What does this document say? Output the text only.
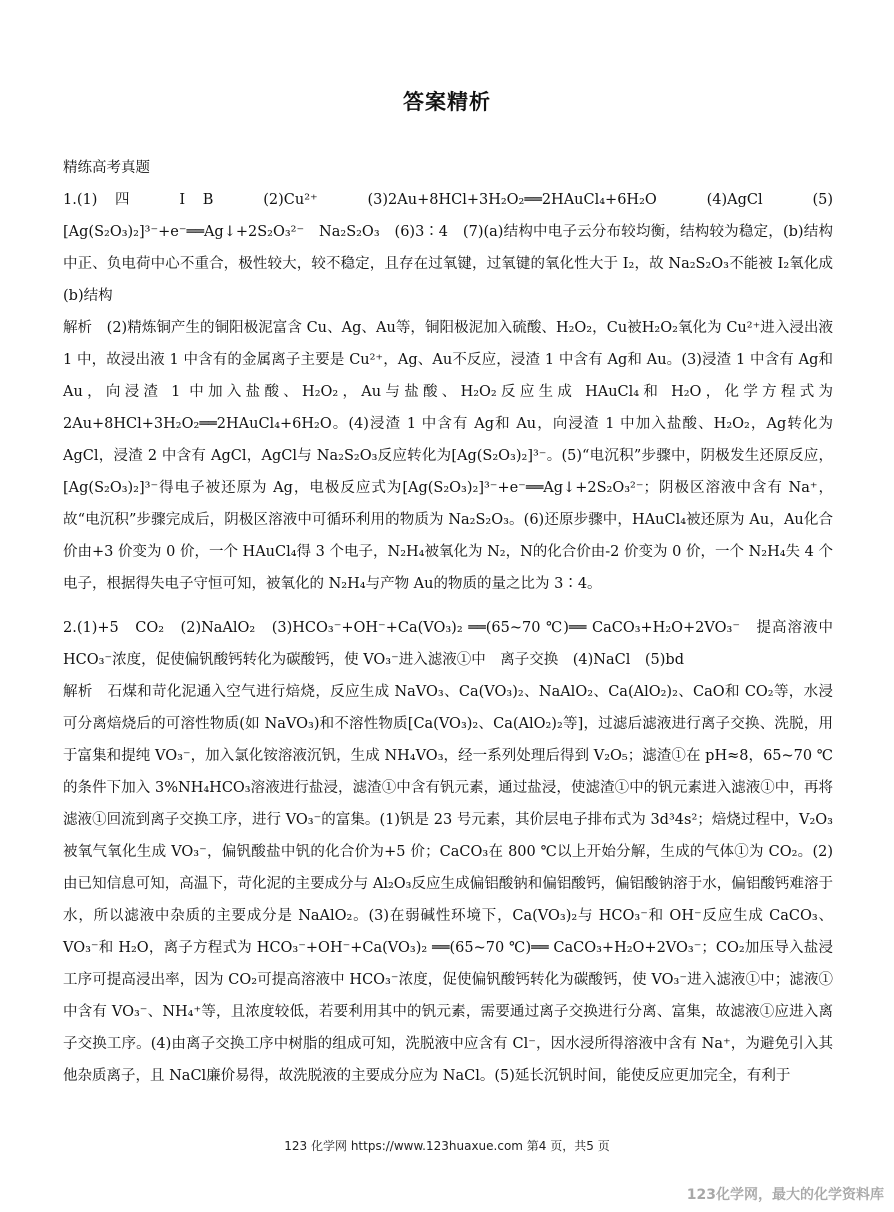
答案精析
精练高考真题

1.(1)四　ⅠB　(2)Cu²⁺　(3)2Au+8HCl+3H₂O₂══2HAuCl₄+6H₂O　(4)AgCl　(5)[Ag(S₂O₃)₂]³⁻+e⁻══Ag↓+2S₂O₃²⁻　Na₂S₂O₃　(6)3∶4　(7)(a)结构中电子云分布较均衡，结构较为稳定，(b)结构中正、负电荷中心不重合，极性较大，较不稳定，且存在过氧键，过氧键的氧化性大于 I₂，故 Na₂S₂O₃不能被 I₂氧化成(b)结构

解析　(2)精炼铜产生的铜阳极泥富含 Cu、Ag、Au等，铜阳极泥加入硫酸、H₂O₂，Cu被H₂O₂氧化为 Cu²⁺进入浸出液 1 中，故浸出液 1 中含有的金属离子主要是 Cu²⁺，Ag、Au不反应，浸渣 1 中含有 Ag和 Au。(3)浸渣 1 中含有 Ag和 Au，向浸渣 1 中加入盐酸、H₂O₂，Au与盐酸、H₂O₂反应生成 HAuCl₄和 H₂O，化学方程式为 2Au+8HCl+3H₂O₂══2HAuCl₄+6H₂O。(4)浸渣 1 中含有 Ag和 Au，向浸渣 1 中加入盐酸、H₂O₂，Ag转化为 AgCl，浸渣 2 中含有 AgCl，AgCl与 Na₂S₂O₃反应转化为[Ag(S₂O₃)₂]³⁻。(5)“电沉积”步骤中，阴极发生还原反应，[Ag(S₂O₃)₂]³⁻得电子被还原为 Ag，电极反应式为[Ag(S₂O₃)₂]³⁻+e⁻══Ag↓+2S₂O₃²⁻；阴极区溶液中含有 Na⁺，故“电沉积”步骤完成后，阴极区溶液中可循环利用的物质为 Na₂S₂O₃。(6)还原步骤中，HAuCl₄被还原为 Au，Au化合价由+3 价变为 0 价，一个 HAuCl₄得 3 个电子，N₂H₄被氧化为 N₂，N的化合价由-2 价变为 0 价，一个 N₂H₄失 4 个电子，根据得失电子守恒可知，被氧化的 N₂H₄与产物 Au的物质的量之比为 3∶4。

2.(1)+5　CO₂　(2)NaAlO₂　(3)HCO₃⁻+OH⁻+Ca(VO₃)₂ ══(65~70 ℃)══ CaCO₃+H₂O+2VO₃⁻　提高溶液中 HCO₃⁻浓度，促使偏钒酸钙转化为碳酸钙，使 VO₃⁻进入滤液①中　离子交换　(4)NaCl　(5)bd

解析　石煤和苛化泥通入空气进行焙烧，反应生成 NaVO₃、Ca(VO₃)₂、NaAlO₂、Ca(AlO₂)₂、CaO和 CO₂等，水浸可分离焙烧后的可溶性物质(如 NaVO₃)和不溶性物质[Ca(VO₃)₂、Ca(AlO₂)₂等]，过滤后滤液进行离子交换、洗脱，用于富集和提纯 VO₃⁻，加入氯化铵溶液沉钒，生成 NH₄VO₃，经一系列处理后得到 V₂O₅；滤渣①在 pH≈8，65~70 ℃的条件下加入 3%NH₄HCO₃溶液进行盐浸，滤渣①中含有钒元素，通过盐浸，使滤渣①中的钒元素进入滤液①中，再将滤液①回流到离子交换工序，进行 VO₃⁻的富集。(1)钒是 23 号元素，其价层电子排布式为 3d³4s²；焙烧过程中，V₂O₃被氧气氧化生成 VO₃⁻，偏钒酸盐中钒的化合价为+5 价；CaCO₃在 800 ℃以上开始分解，生成的气体①为 CO₂。(2)由已知信息可知，高温下，苛化泥的主要成分与 Al₂O₃反应生成偏铝酸钠和偏铝酸钙，偏铝酸钠溶于水，偏铝酸钙难溶于水，所以滤液中杂质的主要成分是 NaAlO₂。(3)在弱碱性环境下，Ca(VO₃)₂与 HCO₃⁻和 OH⁻反应生成 CaCO₃、VO₃⁻和 H₂O，离子方程式为 HCO₃⁻+OH⁻+Ca(VO₃)₂ ══(65~70 ℃)══ CaCO₃+H₂O+2VO₃⁻；CO₂加压导入盐浸工序可提高浸出率，因为 CO₂可提高溶液中 HCO₃⁻浓度，促使偏钒酸钙转化为碳酸钙，使 VO₃⁻进入滤液①中；滤液①中含有 VO₃⁻、NH₄⁺等，且浓度较低，若要利用其中的钒元素，需要通过离子交换进行分离、富集，故滤液①应进入离子交换工序。(4)由离子交换工序中树脂的组成可知，洗脱液中应含有 Cl⁻，因水浸所得溶液中含有 Na⁺，为避免引入其他杂质离子，且 NaCl廉价易得，故洗脱液的主要成分应为 NaCl。(5)延长沉钒时间，能使反应更加完全，有利于

123 化学网 https://www.123huaxue.com 第4 页，共5 页
123化学网，最大的化学资料库
